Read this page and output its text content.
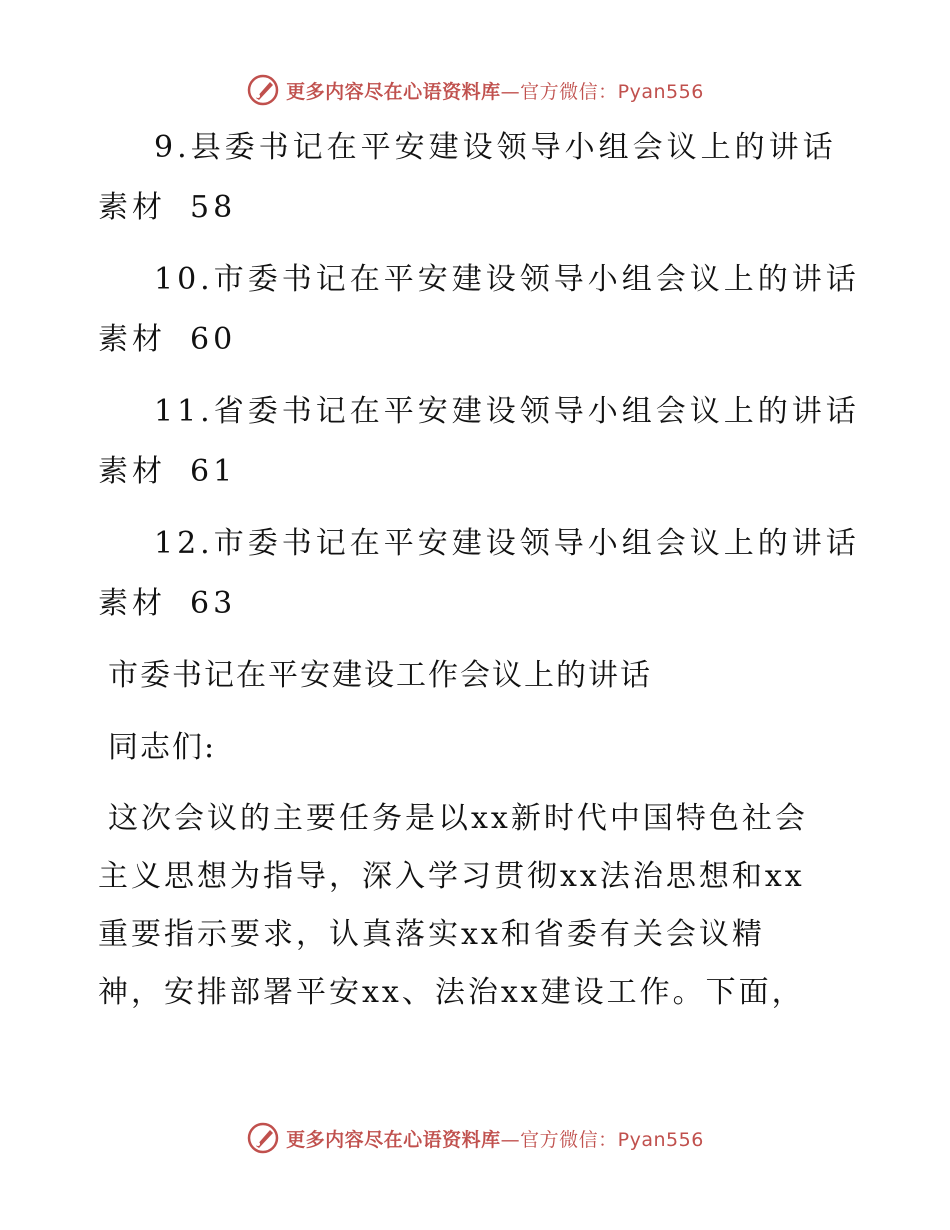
更多内容尽在心语资料库—官方微信：Pyan556
9.县委书记在平安建设领导小组会议上的讲话
素材 58
10.市委书记在平安建设领导小组会议上的讲话
素材 60
11.省委书记在平安建设领导小组会议上的讲话
素材 61
12.市委书记在平安建设领导小组会议上的讲话
素材 63
市委书记在平安建设工作会议上的讲话
同志们:
这次会议的主要任务是以xx新时代中国特色社会
主义思想为指导，深入学习贯彻xx法治思想和xx
重要指示要求，认真落实xx和省委有关会议精
神，安排部署平安xx、法治xx建设工作。下面，
更多内容尽在心语资料库—官方微信：Pyan556
